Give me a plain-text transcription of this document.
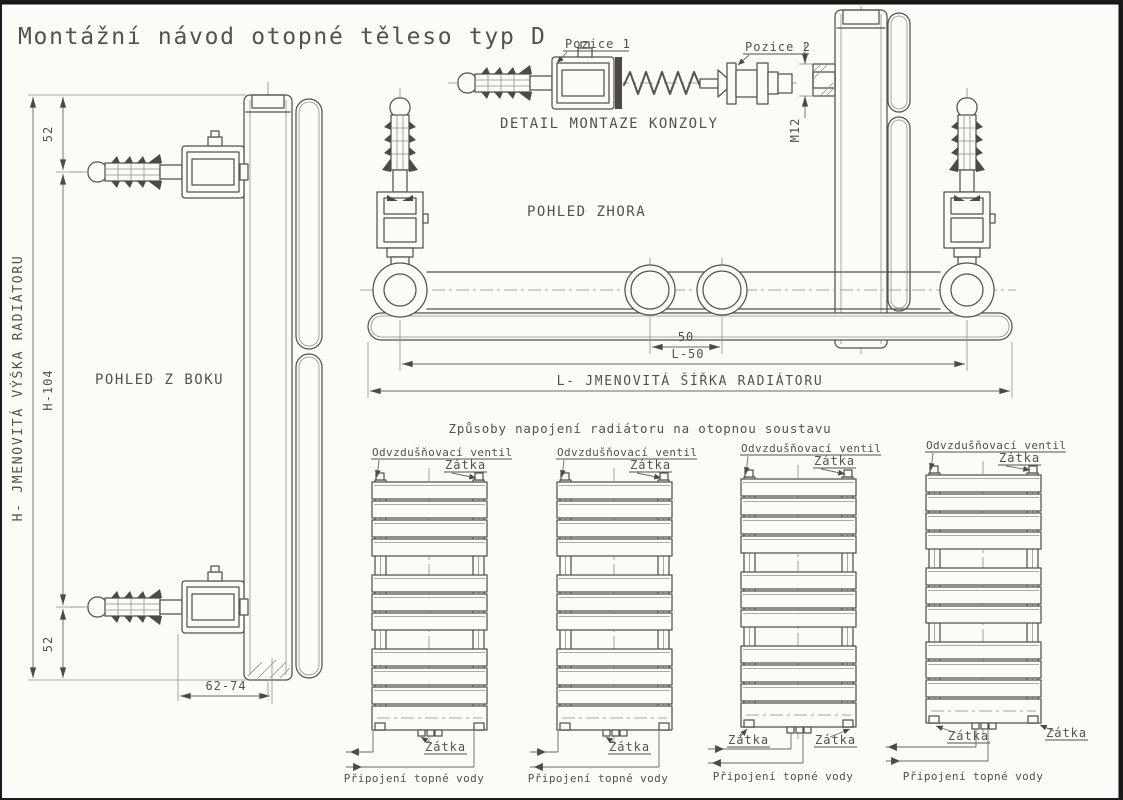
Montážní návod otopné těleso typ D
H- JMENOVITÁ VÝŠKA RADIÁTORU
52
H-104
52
62-74
POHLED Z BOKU
Pozice 1	Pozice 2
DETAIL MONTAZE KONZOLY	M12
POHLED ZHORA
50
L-50
L- JMENOVITÁ ŠÍŘKA RADIÁTORU
Způsoby napojení radiátoru na otopnou soustavu
Odvzdušňovací ventil
Zátka
Zátka
Připojení topné vody
Odvzdušňovací ventil
Zátka
Zátka
Připojení topné vody
Odvzdušňovací ventil
Zátka
Zátka	Zátka
Připojení topné vody
Odvzdušňovací ventil
Zátka
Zátka	Zátka
Připojení topné vody
